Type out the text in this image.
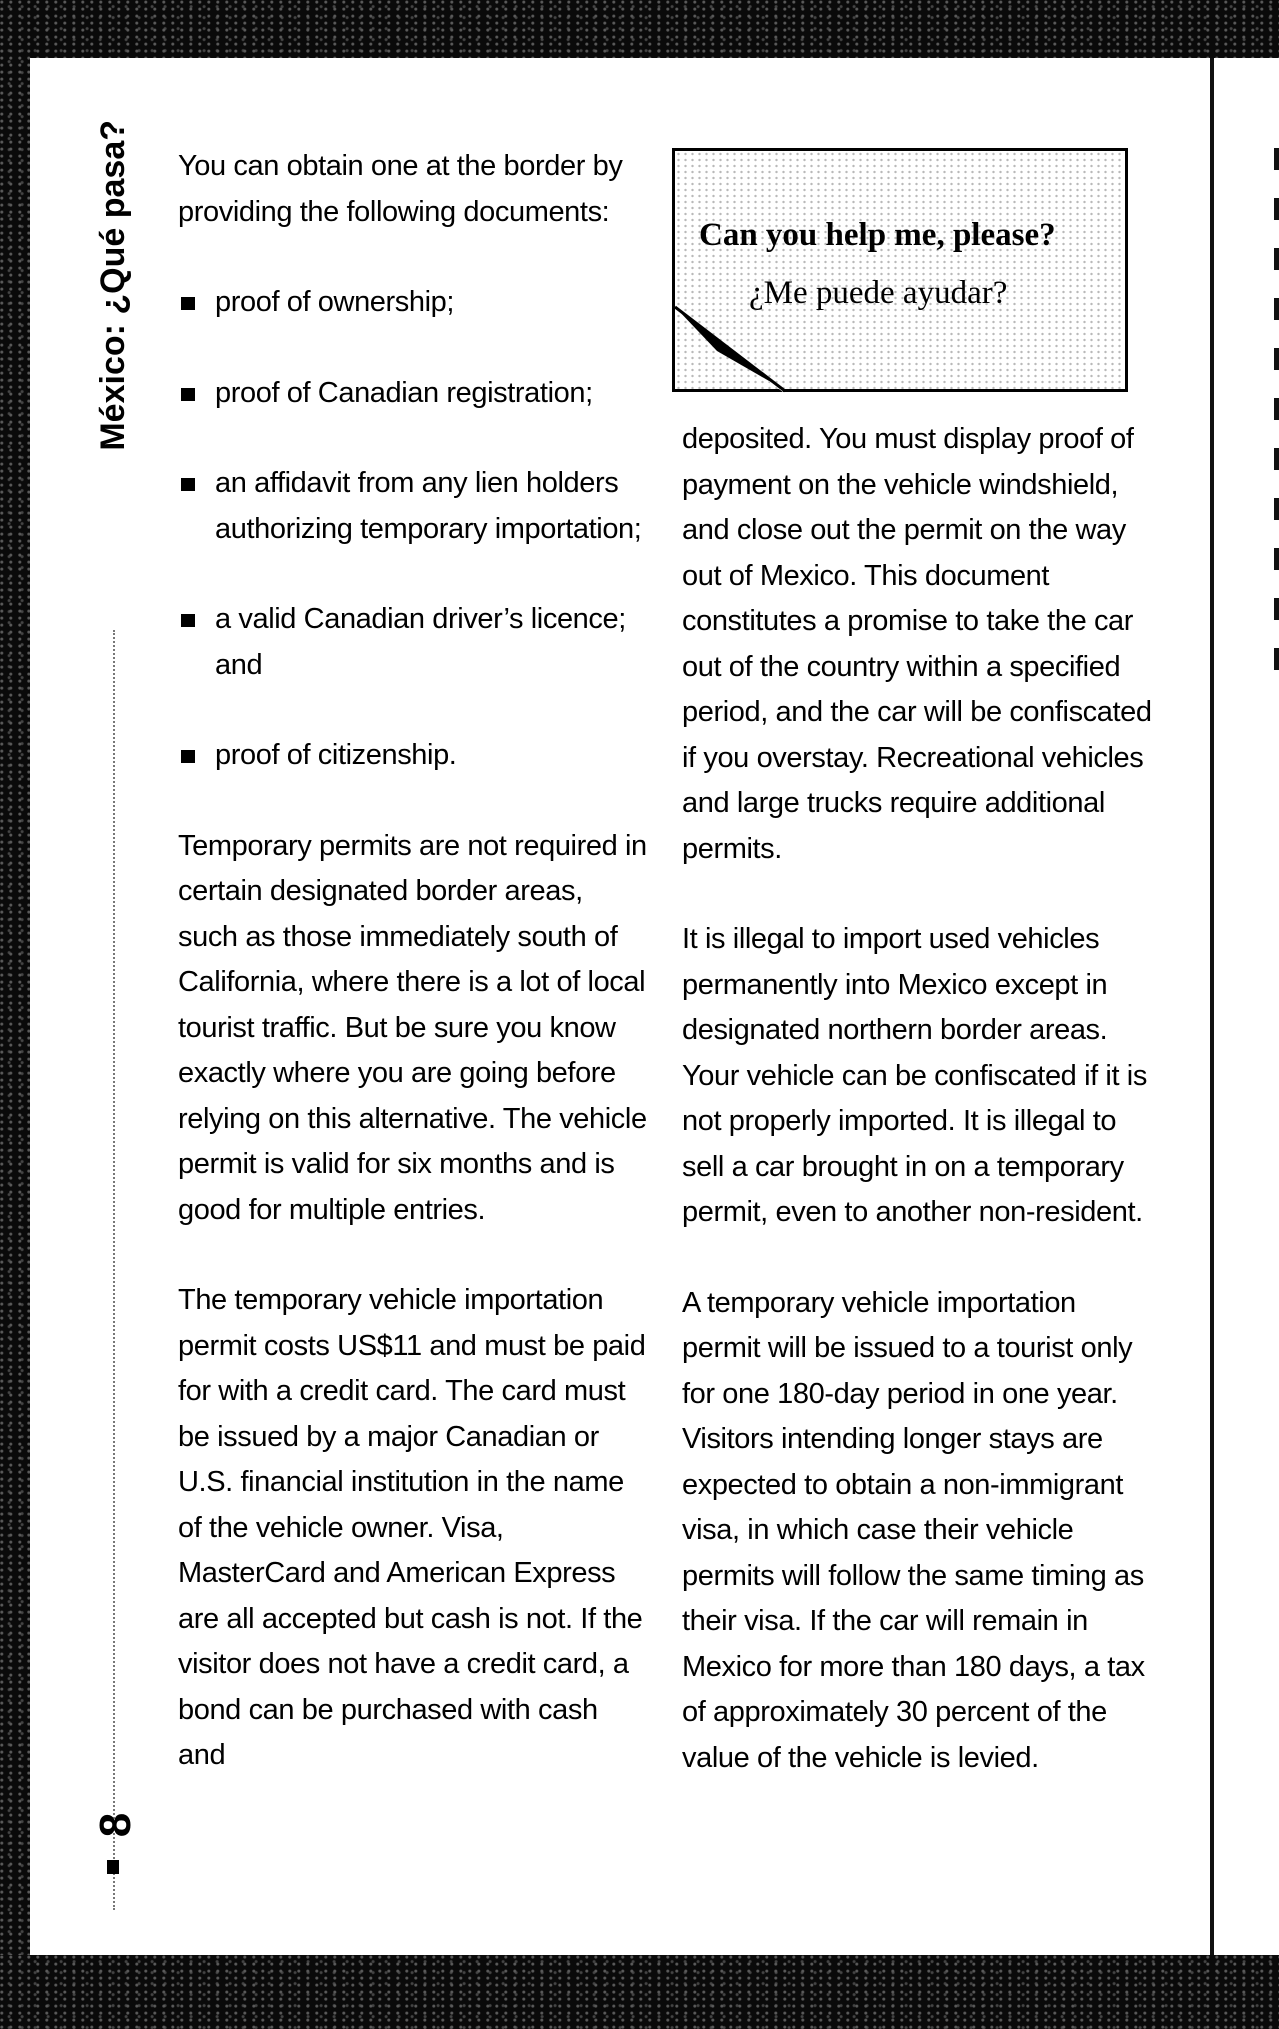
México: ¿Qué pasa?
8

You can obtain one at the border by providing the following documents:

proof of ownership;
proof of Canadian registration;
an affidavit from any lien holders authorizing temporary importation;
a valid Canadian driver’s licence; and
proof of citizenship.

Temporary permits are not required in certain designated border areas, such as those immediately south of California, where there is a lot of local tourist traffic. But be sure you know exactly where you are going before relying on this alternative. The vehicle permit is valid for six months and is good for multiple entries.

The temporary vehicle importation permit costs US$11 and must be paid for with a credit card. The card must be issued by a major Canadian or U.S. financial institution in the name of the vehicle owner. Visa, MasterCard and American Express are all accepted but cash is not. If the visitor does not have a credit card, a bond can be purchased with cash and

Can you help me, please?
¿Me puede ayudar?

deposited. You must display proof of payment on the vehicle windshield, and close out the permit on the way out of Mexico. This document constitutes a promise to take the car out of the country within a specified period, and the car will be confiscated if you overstay. Recreational vehicles and large trucks require additional permits.

It is illegal to import used vehicles permanently into Mexico except in designated northern border areas. Your vehicle can be confiscated if it is not properly imported. It is illegal to sell a car brought in on a temporary permit, even to another non-resident.

A temporary vehicle importation permit will be issued to a tourist only for one 180-day period in one year. Visitors intending longer stays are expected to obtain a non-immigrant visa, in which case their vehicle permits will follow the same timing as their visa. If the car will remain in Mexico for more than 180 days, a tax of approximately 30 percent of the value of the vehicle is levied.
